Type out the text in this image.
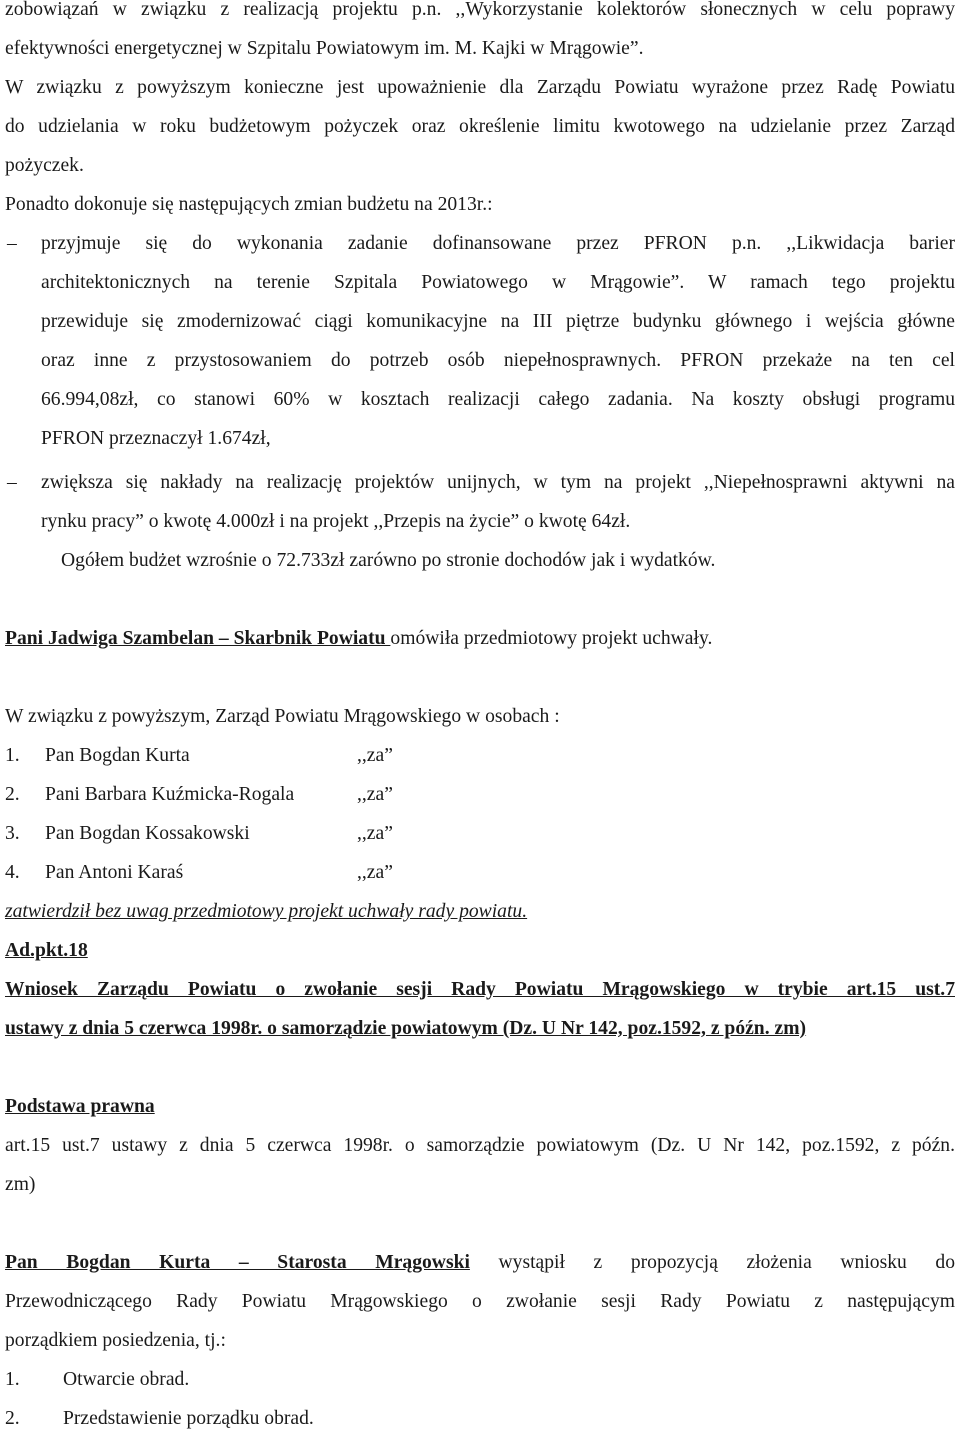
zobowiązań w związku z realizacją projektu p.n. ,,Wykorzystanie kolektorów słonecznych w celu poprawy
efektywności energetycznej w Szpitalu Powiatowym im. M. Kajki w Mrągowie”.
W związku z powyższym konieczne jest upoważnienie dla Zarządu Powiatu wyrażone przez Radę Powiatu
do udzielania w roku budżetowym pożyczek oraz określenie limitu kwotowego na udzielanie przez Zarząd
pożyczek.
Ponadto dokonuje się następujących zmian budżetu na 2013r.:
– przyjmuje się do wykonania zadanie dofinansowane przez PFRON p.n. ,,Likwidacja barier
architektonicznych na terenie Szpitala Powiatowego w Mrągowie”. W ramach tego projektu
przewiduje się zmodernizować ciągi komunikacyjne na III piętrze budynku głównego i wejścia główne
oraz inne z przystosowaniem do potrzeb osób niepełnosprawnych. PFRON przekaże na ten cel
66.994,08zł, co stanowi 60% w kosztach realizacji całego zadania. Na koszty obsługi programu
PFRON przeznaczył 1.674zł,
– zwiększa się nakłady na realizację projektów unijnych, w tym na projekt ,,Niepełnosprawni aktywni na
rynku pracy” o kwotę 4.000zł i na projekt ,,Przepis na życie” o kwotę 64zł.
Ogółem budżet wzrośnie o 72.733zł zarówno po stronie dochodów jak i wydatków.
Pani Jadwiga Szambelan – Skarbnik Powiatu omówiła przedmiotowy projekt uchwały.
W związku z powyższym, Zarząd Powiatu Mrągowskiego w osobach :
1. Pan Bogdan Kurta	,,za”
2. Pani Barbara Kuźmicka-Rogala	,,za”
3. Pan Bogdan Kossakowski	,,za”
4. Pan Antoni Karaś	,,za”
zatwierdził bez uwag przedmiotowy projekt uchwały rady powiatu.
Ad.pkt.18
Wniosek Zarządu Powiatu o zwołanie sesji Rady Powiatu Mrągowskiego w trybie art.15 ust.7
ustawy z dnia 5 czerwca 1998r. o samorządzie powiatowym (Dz. U Nr 142, poz.1592, z późn. zm)
Podstawa prawna
art.15 ust.7 ustawy z dnia 5 czerwca 1998r. o samorządzie powiatowym (Dz. U Nr 142, poz.1592, z późn.
zm)
Pan Bogdan Kurta – Starosta Mrągowski wystąpił z propozycją złożenia wniosku do
Przewodniczącego Rady Powiatu Mrągowskiego o zwołanie sesji Rady Powiatu z następującym
porządkiem posiedzenia, tj.:
1. Otwarcie obrad.
2. Przedstawienie porządku obrad.
